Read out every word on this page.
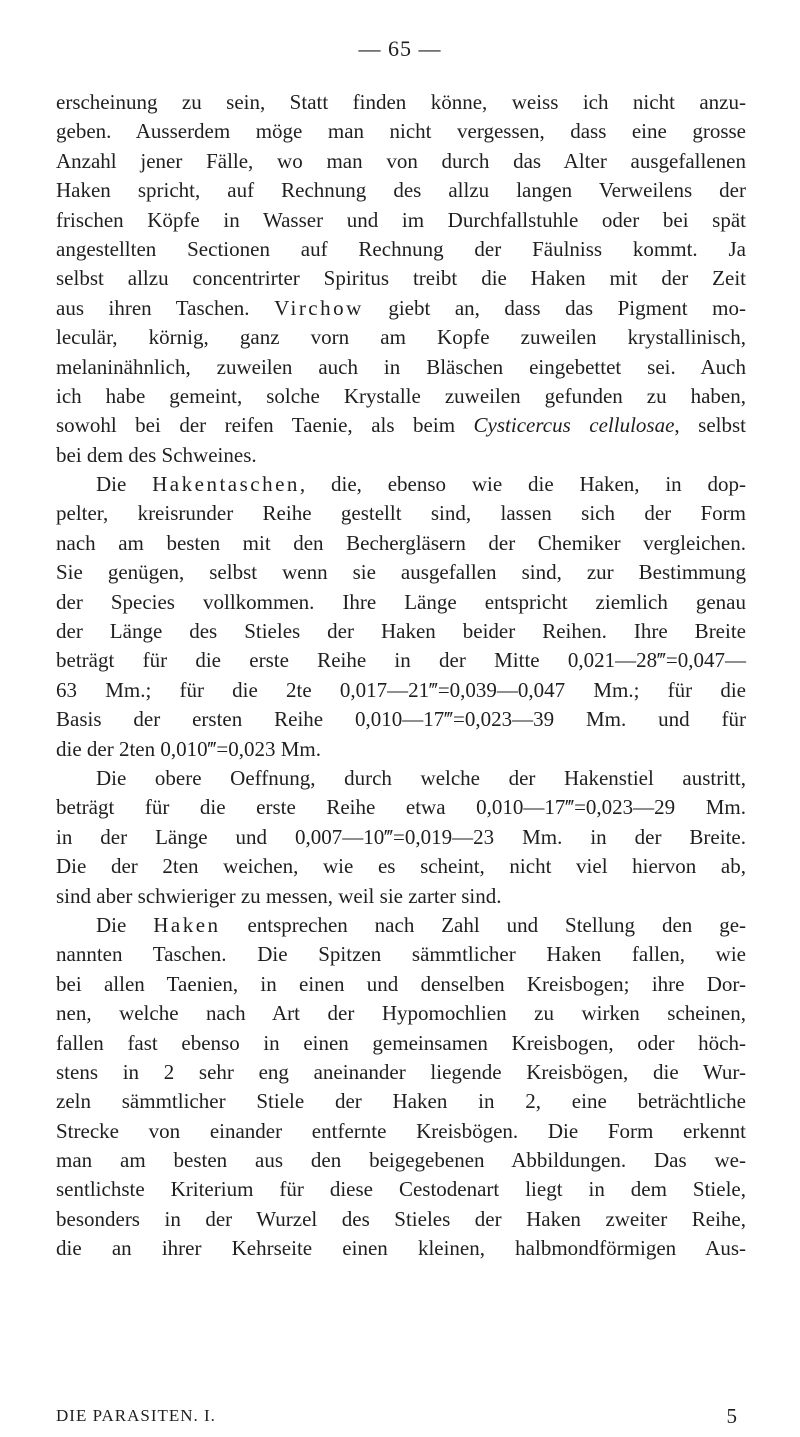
— 65 —
erscheinung zu sein, Statt finden könne, weiss ich nicht anzu-
geben. Ausserdem möge man nicht vergessen, dass eine grosse
Anzahl jener Fälle, wo man von durch das Alter ausgefallenen
Haken spricht, auf Rechnung des allzu langen Verweilens der
frischen Köpfe in Wasser und im Durchfallstuhle oder bei spät
angestellten Sectionen auf Rechnung der Fäulniss kommt. Ja
selbst allzu concentrirter Spiritus treibt die Haken mit der Zeit
aus ihren Taschen. Virchow giebt an, dass das Pigment mo-
leculär, körnig, ganz vorn am Kopfe zuweilen krystallinisch,
melaninähnlich, zuweilen auch in Bläschen eingebettet sei. Auch
ich habe gemeint, solche Krystalle zuweilen gefunden zu haben,
sowohl bei der reifen Taenie, als beim Cysticercus cellulosae, selbst
bei dem des Schweines.
Die Hakentaschen, die, ebenso wie die Haken, in dop-
pelter, kreisrunder Reihe gestellt sind, lassen sich der Form
nach am besten mit den Bechergläsern der Chemiker vergleichen.
Sie genügen, selbst wenn sie ausgefallen sind, zur Bestimmung
der Species vollkommen. Ihre Länge entspricht ziemlich genau
der Länge des Stieles der Haken beider Reihen. Ihre Breite
beträgt für die erste Reihe in der Mitte 0,021—28‴=0,047—
63 Mm.; für die 2te 0,017—21‴=0,039—0,047 Mm.; für die
Basis der ersten Reihe 0,010—17‴=0,023—39 Mm. und für
die der 2ten 0,010‴=0,023 Mm.
Die obere Oeffnung, durch welche der Hakenstiel austritt,
beträgt für die erste Reihe etwa 0,010—17‴=0,023—29 Mm.
in der Länge und 0,007—10‴=0,019—23 Mm. in der Breite.
Die der 2ten weichen, wie es scheint, nicht viel hiervon ab,
sind aber schwieriger zu messen, weil sie zarter sind.
Die Haken entsprechen nach Zahl und Stellung den ge-
nannten Taschen. Die Spitzen sämmtlicher Haken fallen, wie
bei allen Taenien, in einen und denselben Kreisbogen; ihre Dor-
nen, welche nach Art der Hypomochlien zu wirken scheinen,
fallen fast ebenso in einen gemeinsamen Kreisbogen, oder höch-
stens in 2 sehr eng aneinander liegende Kreisbögen, die Wur-
zeln sämmtlicher Stiele der Haken in 2, eine beträchtliche
Strecke von einander entfernte Kreisbögen. Die Form erkennt
man am besten aus den beigegebenen Abbildungen. Das we-
sentlichste Kriterium für diese Cestodenart liegt in dem Stiele,
besonders in der Wurzel des Stieles der Haken zweiter Reihe,
die an ihrer Kehrseite einen kleinen, halbmondförmigen Aus-
DIE PARASITEN. I.	5
